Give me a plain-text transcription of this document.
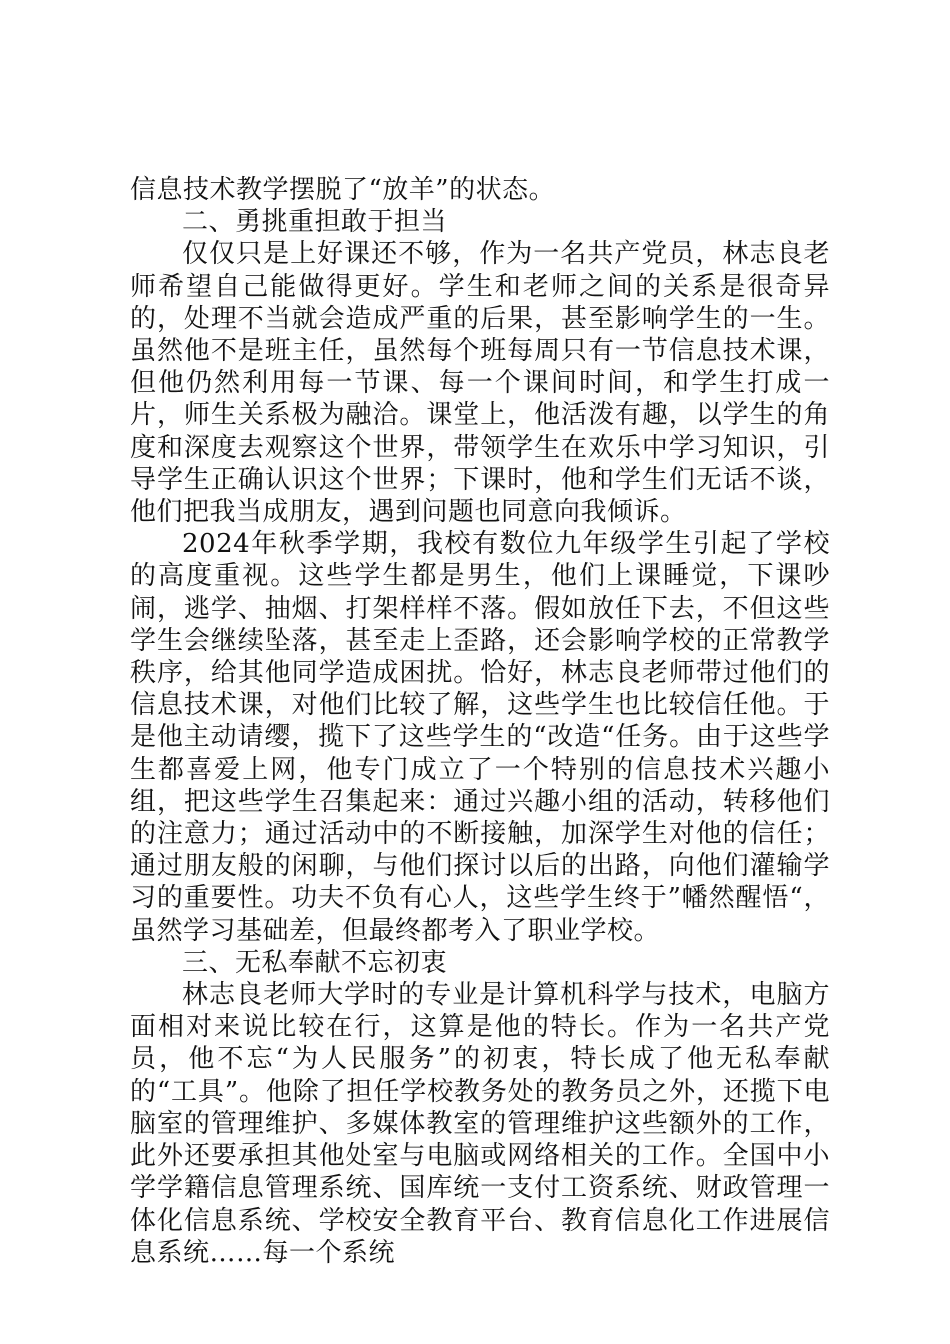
信息技术教学摆脱了“放羊”的状态。

二、勇挑重担敢于担当

仅仅只是上好课还不够，作为一名共产党员，林志良老师希望自己能做得更好。学生和老师之间的关系是很奇异的，处理不当就会造成严重的后果，甚至影响学生的一生。虽然他不是班主任，虽然每个班每周只有一节信息技术课，但他仍然利用每一节课、每一个课间时间，和学生打成一片，师生关系极为融洽。课堂上，他活泼有趣，以学生的角度和深度去观察这个世界，带领学生在欢乐中学习知识，引导学生正确认识这个世界；下课时，他和学生们无话不谈，他们把我当成朋友，遇到问题也同意向我倾诉。

2024年秋季学期，我校有数位九年级学生引起了学校的高度重视。这些学生都是男生，他们上课睡觉，下课吵闹，逃学、抽烟、打架样样不落。假如放任下去，不但这些学生会继续坠落，甚至走上歪路，还会影响学校的正常教学秩序，给其他同学造成困扰。恰好，林志良老师带过他们的信息技术课，对他们比较了解，这些学生也比较信任他。于是他主动请缨，揽下了这些学生的“改造“任务。由于这些学生都喜爱上网，他专门成立了一个特别的信息技术兴趣小组，把这些学生召集起来：通过兴趣小组的活动，转移他们的注意力；通过活动中的不断接触，加深学生对他的信任；通过朋友般的闲聊，与他们探讨以后的出路，向他们灌输学习的重要性。功夫不负有心人，这些学生终于”幡然醒悟“，虽然学习基础差，但最终都考入了职业学校。

三、无私奉献不忘初衷

林志良老师大学时的专业是计算机科学与技术，电脑方面相对来说比较在行，这算是他的特长。作为一名共产党员，他不忘“为人民服务”的初衷，特长成了他无私奉献的“工具”。他除了担任学校教务处的教务员之外，还揽下电脑室的管理维护、多媒体教室的管理维护这些额外的工作，此外还要承担其他处室与电脑或网络相关的工作。全国中小学学籍信息管理系统、国库统一支付工资系统、财政管理一体化信息系统、学校安全教育平台、教育信息化工作进展信息系统……每一个系统
